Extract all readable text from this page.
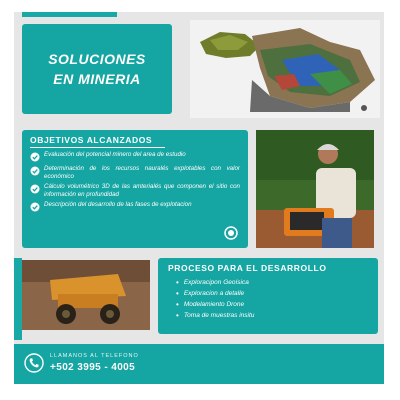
SOLUCIONES EN MINERIA
OBJETIVOS ALCANZADOS
Evaluación del potencial minero del area de estudio
Determinación de los recursos nauralés explotables con valor económico
Cálculo volumétrico 3D de las amterialés que componen el sitio con información en profundidad
Descripción del desarrollo de las fases de explotacion
PROCESO PARA EL DESARROLLO
• Exploracipon Geoísica
• Exploracion a detalle
• Modelamiento Drone
• Toma de muestras insitu
LLAMANOS AL TELEFONO
+502 3995 - 4005
